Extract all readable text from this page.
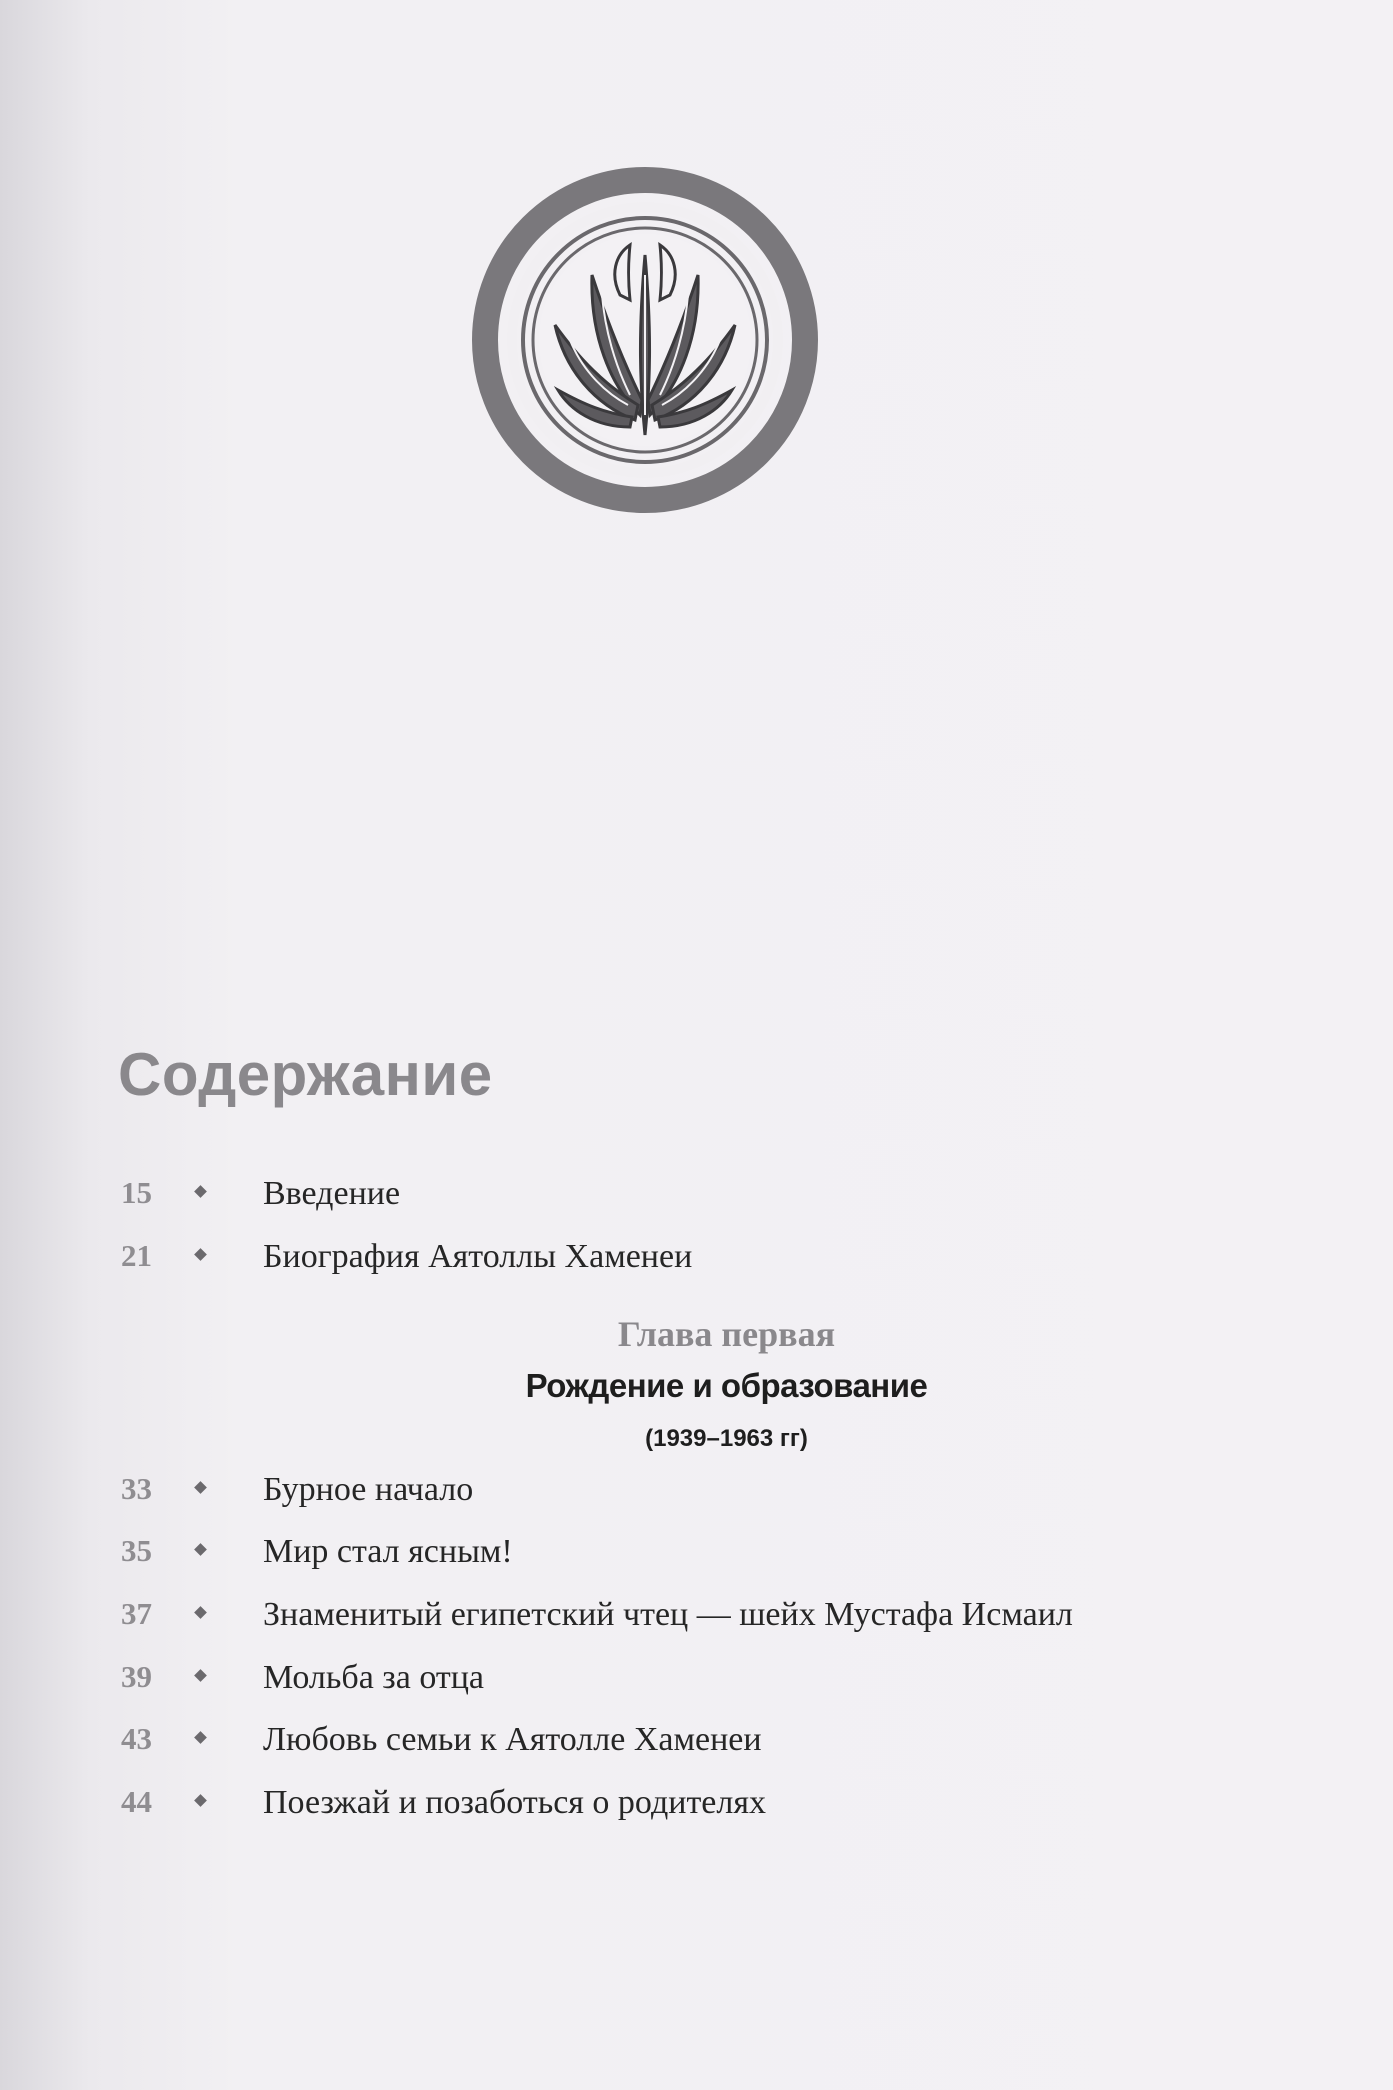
Содержание
15	Введение
21	Биография Аятоллы Хаменеи
Глава первая
Рождение и образование
(1939–1963 гг)
33	Бурное начало
35	Мир стал ясным!
37	Знаменитый египетский чтец — шейх Мустафа Исмаил
39	Мольба за отца
43	Любовь семьи к Аятолле Хаменеи
44	Поезжай и позаботься о родителях
